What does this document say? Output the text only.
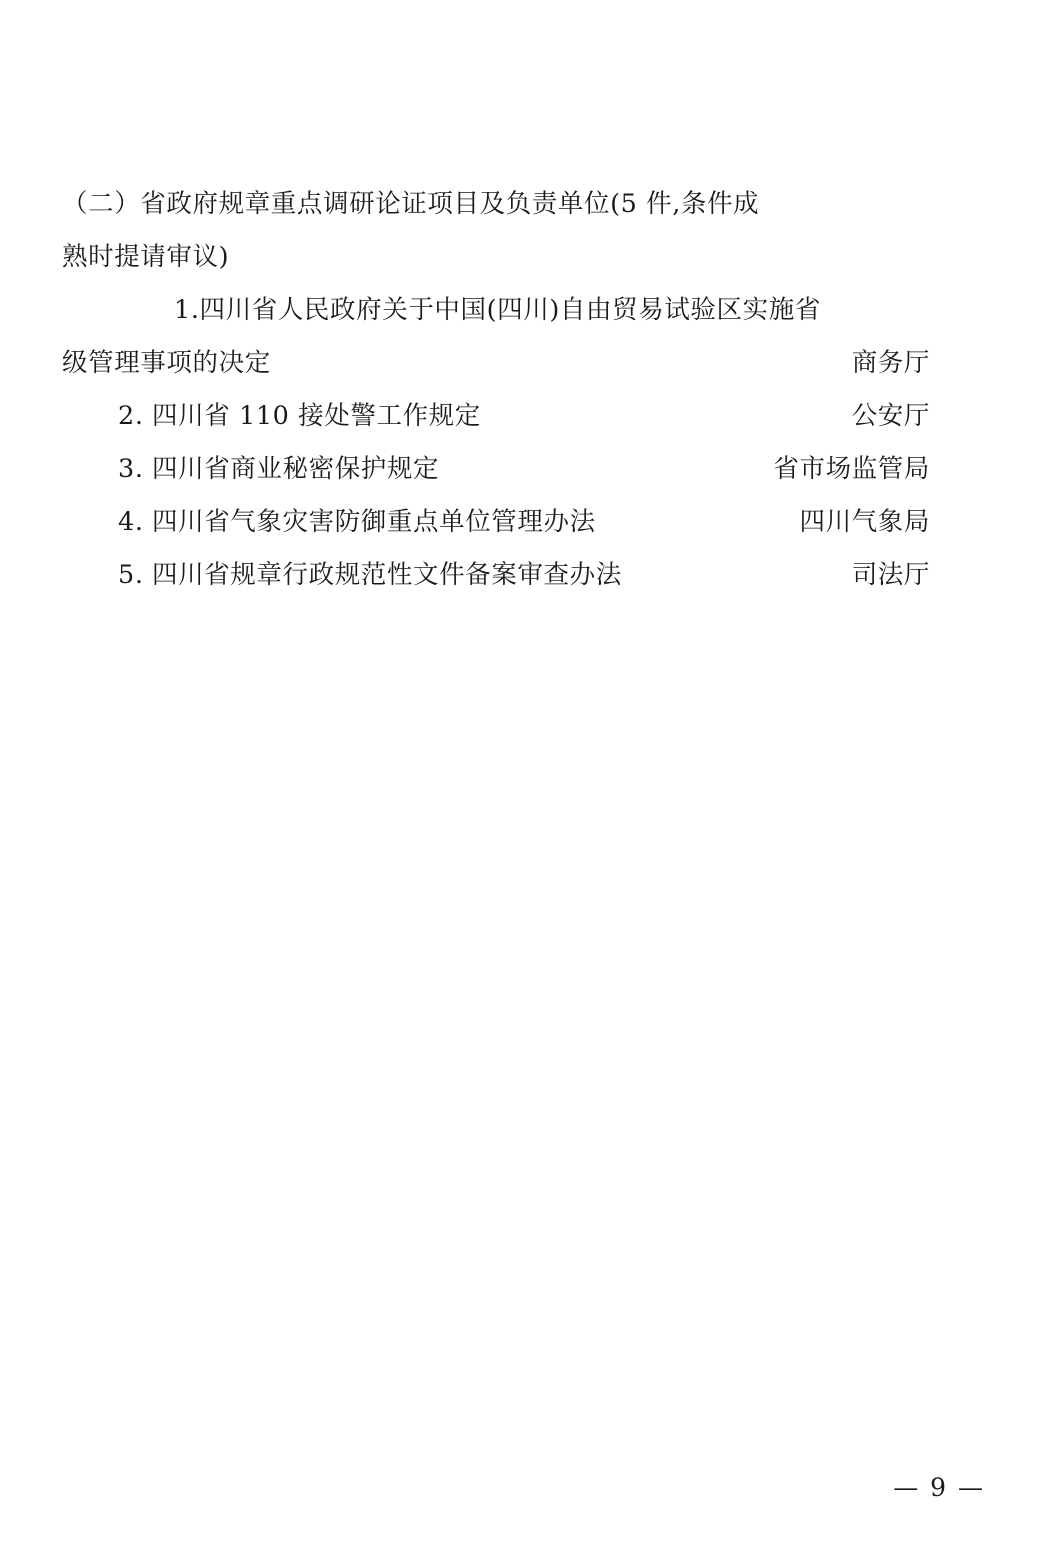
（二）省政府规章重点调研论证项目及负责单位(5 件,条件成
熟时提请审议)
1.四川省人民政府关于中国(四川)自由贸易试验区实施省
级管理事项的决定	商务厅
2. 四川省 110 接处警工作规定	公安厅
3. 四川省商业秘密保护规定	省市场监管局
4. 四川省气象灾害防御重点单位管理办法	四川气象局
5. 四川省规章行政规范性文件备案审查办法	司法厅
— 9 —
